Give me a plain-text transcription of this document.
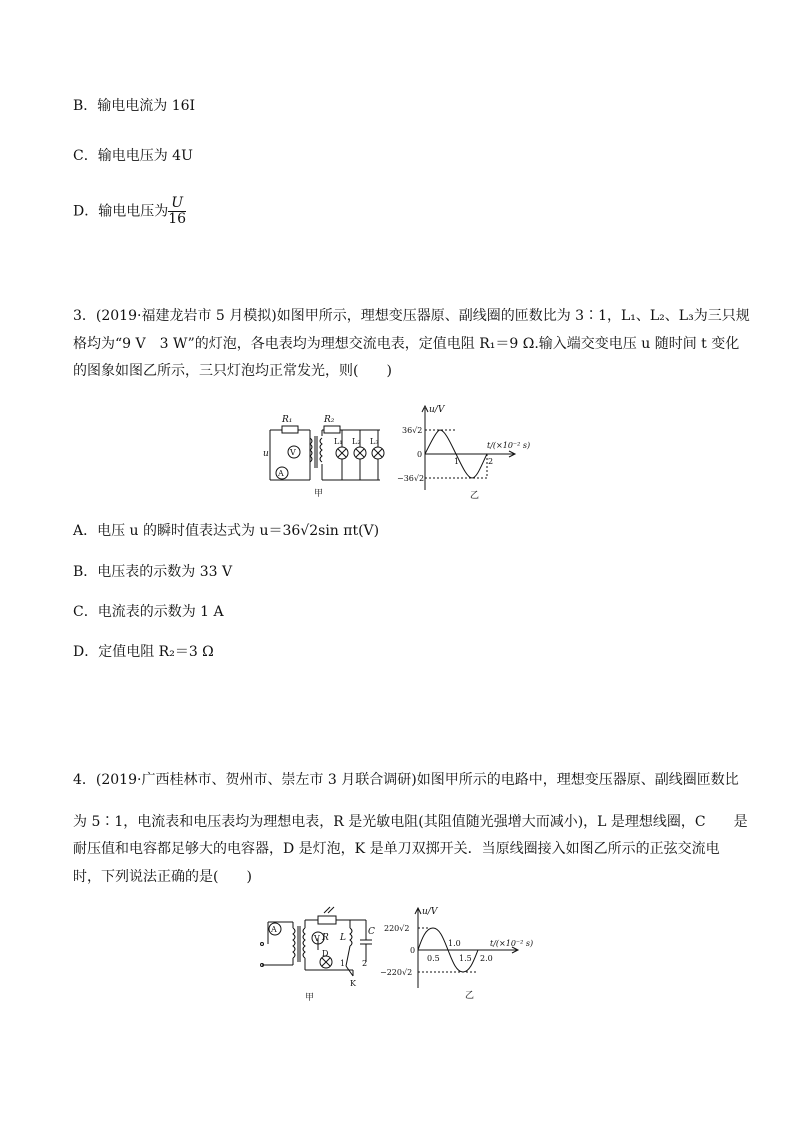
B．输电电流为 16I
C．输电电压为 4U
D．输电电压为 $\frac{U}{16}$
3．(2019·福建龙岩市 5 月模拟)如图甲所示，理想变压器原、副线圈的匝数比为 3∶1，L₁、L₂、L₃为三只规
格均为“9 V　3 W”的灯泡，各电表均为理想交流电表，定值电阻 R₁＝9 Ω.输入端交变电压 u 随时间 t 变化
的图象如图乙所示，三只灯泡均正常发光，则(　　)
R₁	R₂
u	V
A
L₁ L₂ L₃
甲
u/V
36√2
0
−36√2
1	2
t/(×10⁻² s)
乙
A．电压 u 的瞬时值表达式为 u＝36√2sin πt(V)
B．电压表的示数为 33 V
C．电流表的示数为 1 A
D．定值电阻 R₂＝3 Ω
4．(2019·广西桂林市、贺州市、崇左市 3 月联合调研)如图甲所示的电路中，理想变压器原、副线圈匝数比
为 5∶1，电流表和电压表均为理想电表，R 是光敏电阻(其阻值随光强增大而减小)，L 是理想线圈，C　　是
耐压值和电容都足够大的电容器，D 是灯泡，K 是单刀双掷开关．当原线圈接入如图乙所示的正弦交流电
时，下列说法正确的是(　　)
A
V R L
C
D
1 2
K
甲
u/V
220√2
0
−220√2
0.5
1.0
1.5 2.0
t/(×10⁻² s)
乙
